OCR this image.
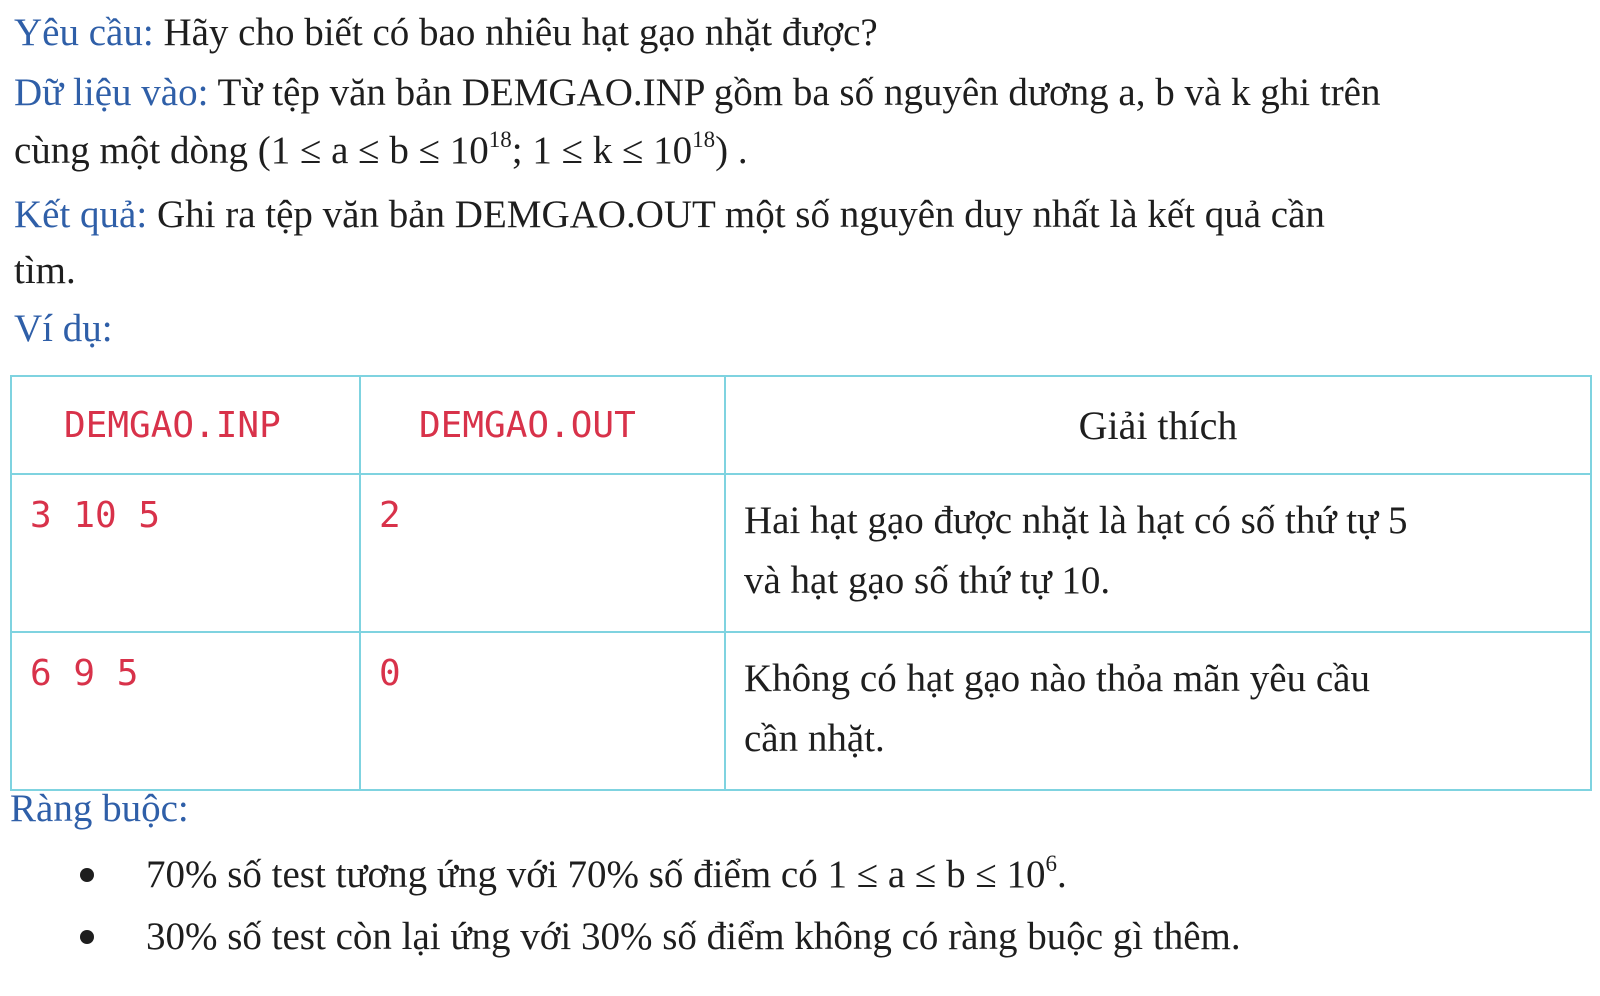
Yêu cầu: Hãy cho biết có bao nhiêu hạt gạo nhặt được?
Dữ liệu vào: Từ tệp văn bản DEMGAO.INP gồm ba số nguyên dương a, b và k ghi trên
cùng một dòng ($1 \le a \le b \le 10^{18}$; $1 \le k \le 10^{18}$) .
Kết quả: Ghi ra tệp văn bản DEMGAO.OUT một số nguyên duy nhất là kết quả cần
tìm.
Ví dụ:
DEMGAO.INP	DEMGAO.OUT	Giải thích

3 10 5	2	Hai hạt gạo được nhặt là hạt có số thứ tự 5
và hạt gạo số thứ tự 10.

6 9 5	0	Không có hạt gạo nào thỏa mãn yêu cầu
cần nhặt.
Ràng buộc:
70% số test tương ứng với 70% số điểm có $1 \le a \le b \le 10^6$.
30% số test còn lại ứng với 30% số điểm không có ràng buộc gì thêm.
